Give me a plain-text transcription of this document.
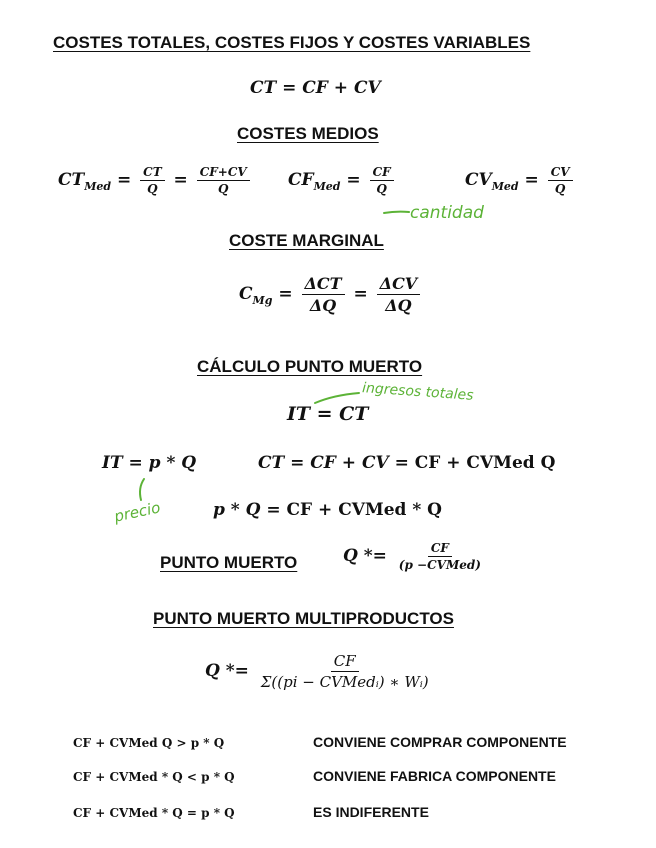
COSTES TOTALES, COSTES FIJOS Y COSTES VARIABLES
CT = CF + CV
COSTES MEDIOS
$CT_{Med} = \frac{CT}{Q} = \frac{CF+CV}{Q} CF_{Med} = \frac{CF}{Q}$	$CV_{Med} = \frac{CV}{Q}$
cantidad
COSTE MARGINAL
$C_{Mg} = \frac{\text{ΔCT}}{\Delta Q} = \frac{\text{ΔCV}}{\Delta Q}$
CÁLCULO PUNTO MUERTO
ingresos totales
IT = CT
IT = p * Q	CT = CF + CV = CF + CVMed Q
precio	p * Q = CF + CVMed * Q
PUNTO MUERTO	$Q *= \frac{CF}{\text{(p −CVMed)}}$
PUNTO MUERTO MULTIPRODUCTOS
$Q *= \frac{CF}{\text{Σ((pi − CVMedᵢ) ∗ Wᵢ)}}$
CF + CVMed Q > p * Q	CONVIENE COMPRAR COMPONENTE
CF + CVMed * Q < p * Q	CONVIENE FABRICA COMPONENTE
CF + CVMed * Q = p * Q	ES INDIFERENTE
